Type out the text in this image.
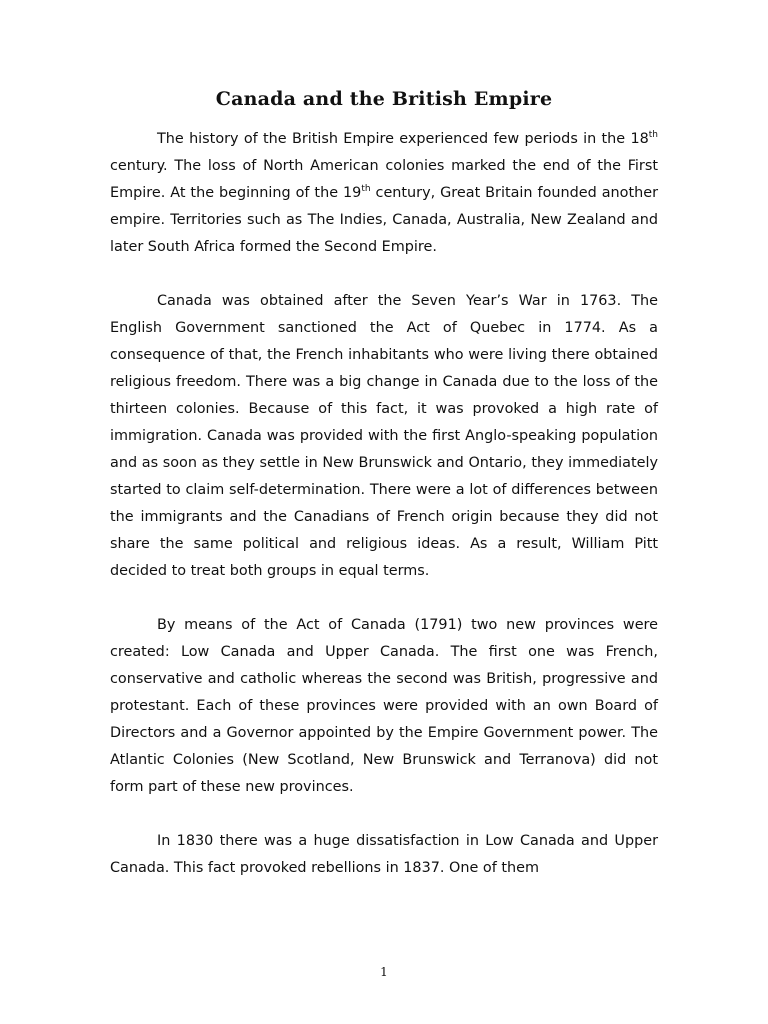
Canada and the British Empire

The history of the British Empire experienced few periods in the 18th century. The loss of North American colonies marked the end of the First Empire. At the beginning of the 19th century, Great Britain founded another empire. Territories such as The Indies, Canada, Australia, New Zealand and later South Africa formed the Second Empire.

Canada was obtained after the Seven Year’s War in 1763. The English Government sanctioned the Act of Quebec in 1774. As a consequence of that, the French inhabitants who were living there obtained religious freedom. There was a big change in Canada due to the loss of the thirteen colonies. Because of this fact, it was provoked a high rate of immigration. Canada was provided with the first Anglo-speaking population and as soon as they settle in New Brunswick and Ontario, they immediately started to claim self-determination. There were a lot of differences between the immigrants and the Canadians of French origin because they did not share the same political and religious ideas. As a result, William Pitt decided to treat both groups in equal terms.

By means of the Act of Canada (1791) two new provinces were created: Low Canada and Upper Canada. The first one was French, conservative and catholic whereas the second was British, progressive and protestant. Each of these provinces were provided with an own Board of Directors and a Governor appointed by the Empire Government power. The Atlantic Colonies (New Scotland, New Brunswick and Terranova) did not form part of these new provinces.

In 1830 there was a huge dissatisfaction in Low Canada and Upper Canada. This fact provoked rebellions in 1837. One of them

1
